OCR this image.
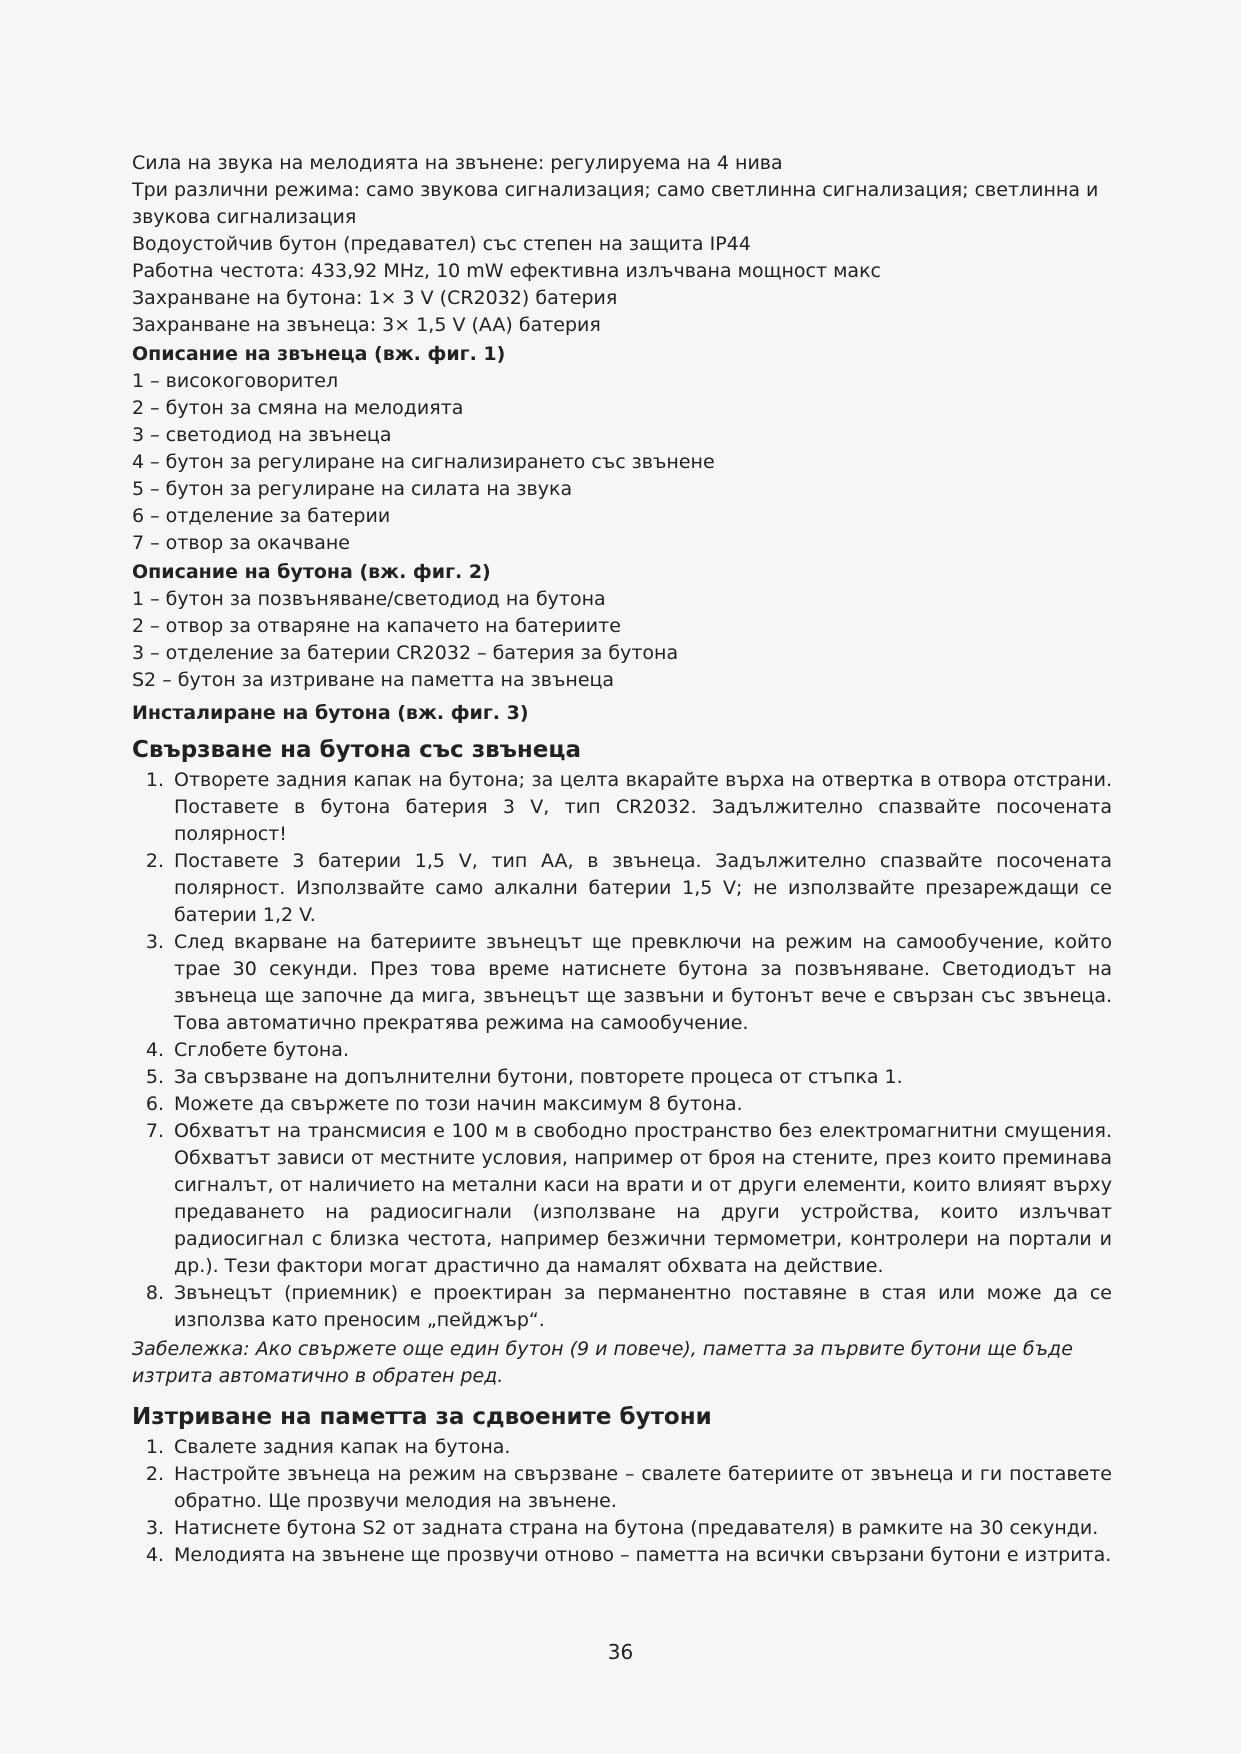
Сила на звука на мелодията на звънене: регулируема на 4 нива

Три различни режима: само звукова сигнализация; само светлинна сигнализация; светлинна и звукова сигнализация

Водоустойчив бутон (предавател) със степен на защита IP44

Работна честота: 433,92 MHz, 10 mW ефективна излъчвана мощност макс

Захранване на бутона: 1× 3 V (CR2032) батерия

Захранване на звънеца: 3× 1,5 V (AA) батерия

Описание на звънеца (вж. фиг. 1)

1 – високоговорител

2 – бутон за смяна на мелодията

3 – светодиод на звънеца

4 – бутон за регулиране на сигнализирането със звънене

5 – бутон за регулиране на силата на звука

6 – отделение за батерии

7 – отвор за окачване

Описание на бутона (вж. фиг. 2)

1 – бутон за позвъняване/светодиод на бутона

2 – отвор за отваряне на капачето на батериите

3 – отделение за батерии CR2032 – батерия за бутона

S2 – бутон за изтриване на паметта на звънеца

Инсталиране на бутона (вж. фиг. 3)

Свързване на бутона със звънеца
1. Отворете задния капак на бутона; за целта вкарайте върха на отвертка в отвора отстрани. Поставете в бутона батерия 3 V, тип CR2032. Задължително спазвайте посочената полярност!
2. Поставете 3 батерии 1,5 V, тип AA, в звънеца. Задължително спазвайте посочената полярност. Използвайте само алкални батерии 1,5 V; не използвайте презареждащи се батерии 1,2 V.
3. След вкарване на батериите звънецът ще превключи на режим на самообучение, който трае 30 секунди. През това време натиснете бутона за позвъняване. Светодиодът на звънеца ще започне да мига, звънецът ще зазвъни и бутонът вече е свързан със звънеца. Това автоматично прекратява режима на самообучение.
4. Сглобете бутона.
5. За свързване на допълнителни бутони, повторете процеса от стъпка 1.
6. Можете да свържете по този начин максимум 8 бутона.
7. Обхватът на трансмисия е 100 м в свободно пространство без електромагнитни смущения. Обхватът зависи от местните условия, например от броя на стените, през които преминава сигналът, от наличието на метални каси на врати и от други елементи, които влияят върху предаването на радиосигнали (използване на други устройства, които излъчват радиосигнал с близка честота, например безжични термометри, контролери на портали и др.). Тези фактори могат драстично да намалят обхвата на действие.
8. Звънецът (приемник) е проектиран за перманентно поставяне в стая или може да се използва като преносим „пейджър“.

Забележка: Ако свържете още един бутон (9 и повече), паметта за първите бутони ще бъде изтрита автоматично в обратен ред.

Изтриване на паметта за сдвоените бутони
1. Свалете задния капак на бутона.
2. Настройте звънеца на режим на свързване – свалете батериите от звънеца и ги поставете обратно. Ще прозвучи мелодия на звънене.
3. Натиснете бутона S2 от задната страна на бутона (предавателя) в рамките на 30 секунди.
4. Мелодията на звънене ще прозвучи отново – паметта на всички свързани бутони е изтрита.
36
